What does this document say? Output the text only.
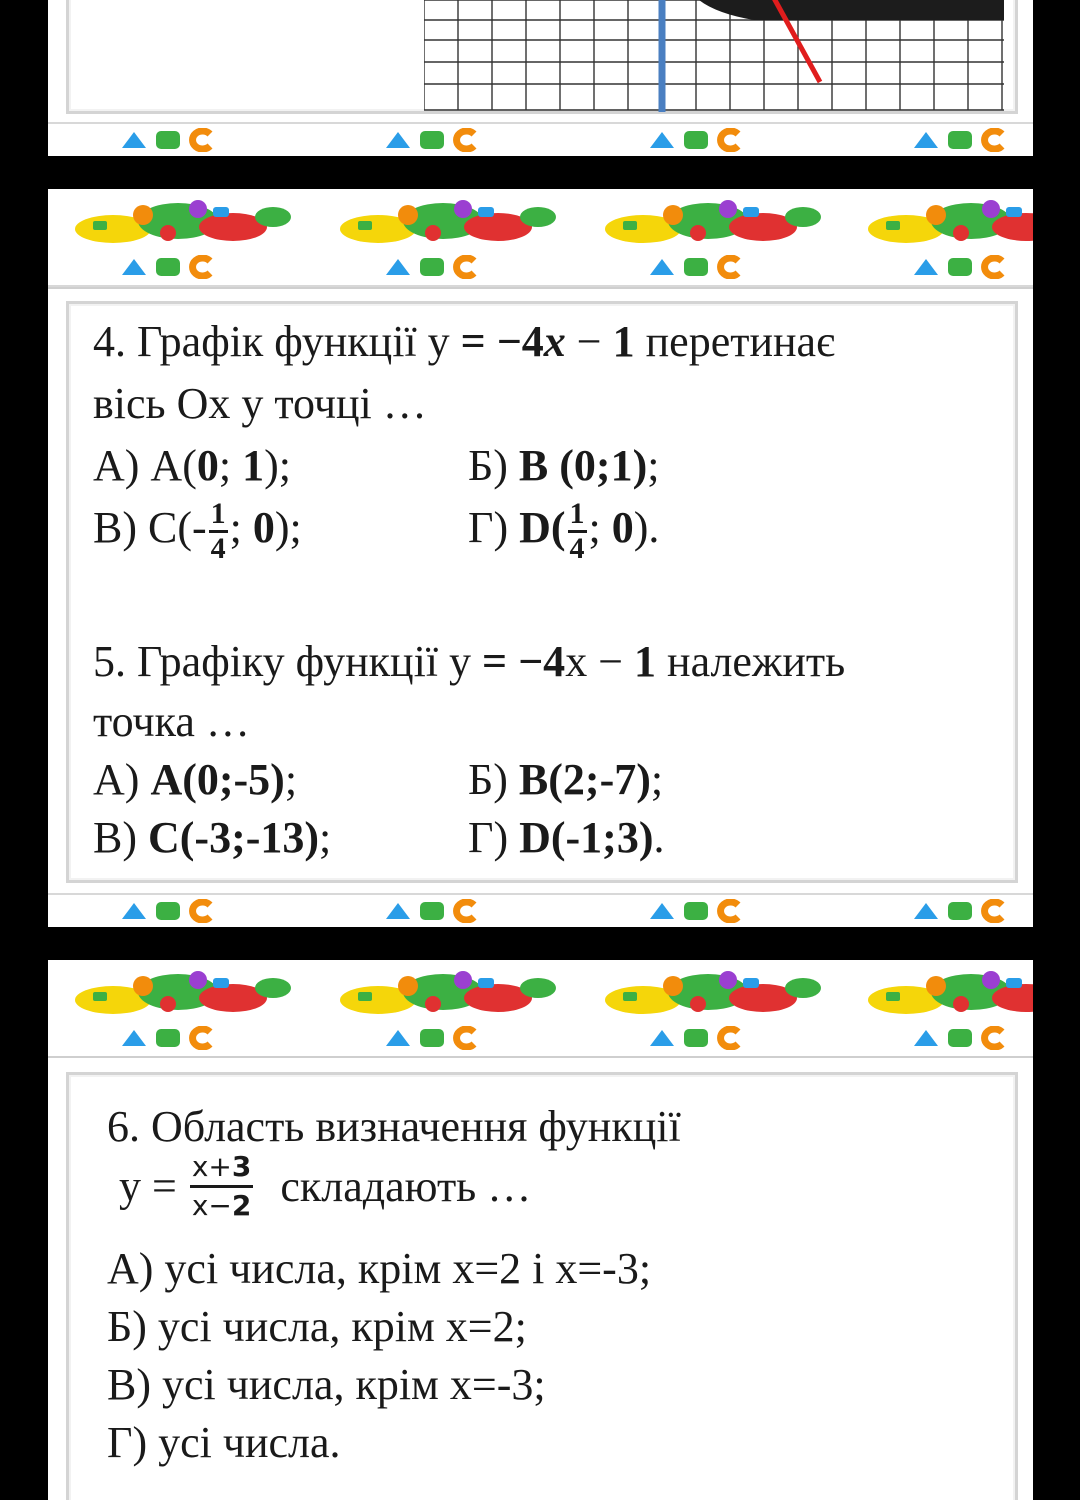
4. Графік функції у = −4x − 1 перетинає
вісь Ох у точці …
А) А(0; 1);	Б) В (0;1);
В) $С(- \frac{1}{4}$ ; 0);	Г) $D( \frac{1}{4}$ ; 0).
5. Графіку функції у = −4x − 1 належить
точка …
А) А(0;-5);	Б) В(2;-7);
В) С(-3;-13);	Г) D(-1;3).
6. Область визначення функції
$у = \frac{x+3}{x-2}$ складають …
А) усі числа, крім х=2 і х=-3;
Б) усі числа, крім х=2;
В) усі числа, крім х=-3;
Г) усі числа.
